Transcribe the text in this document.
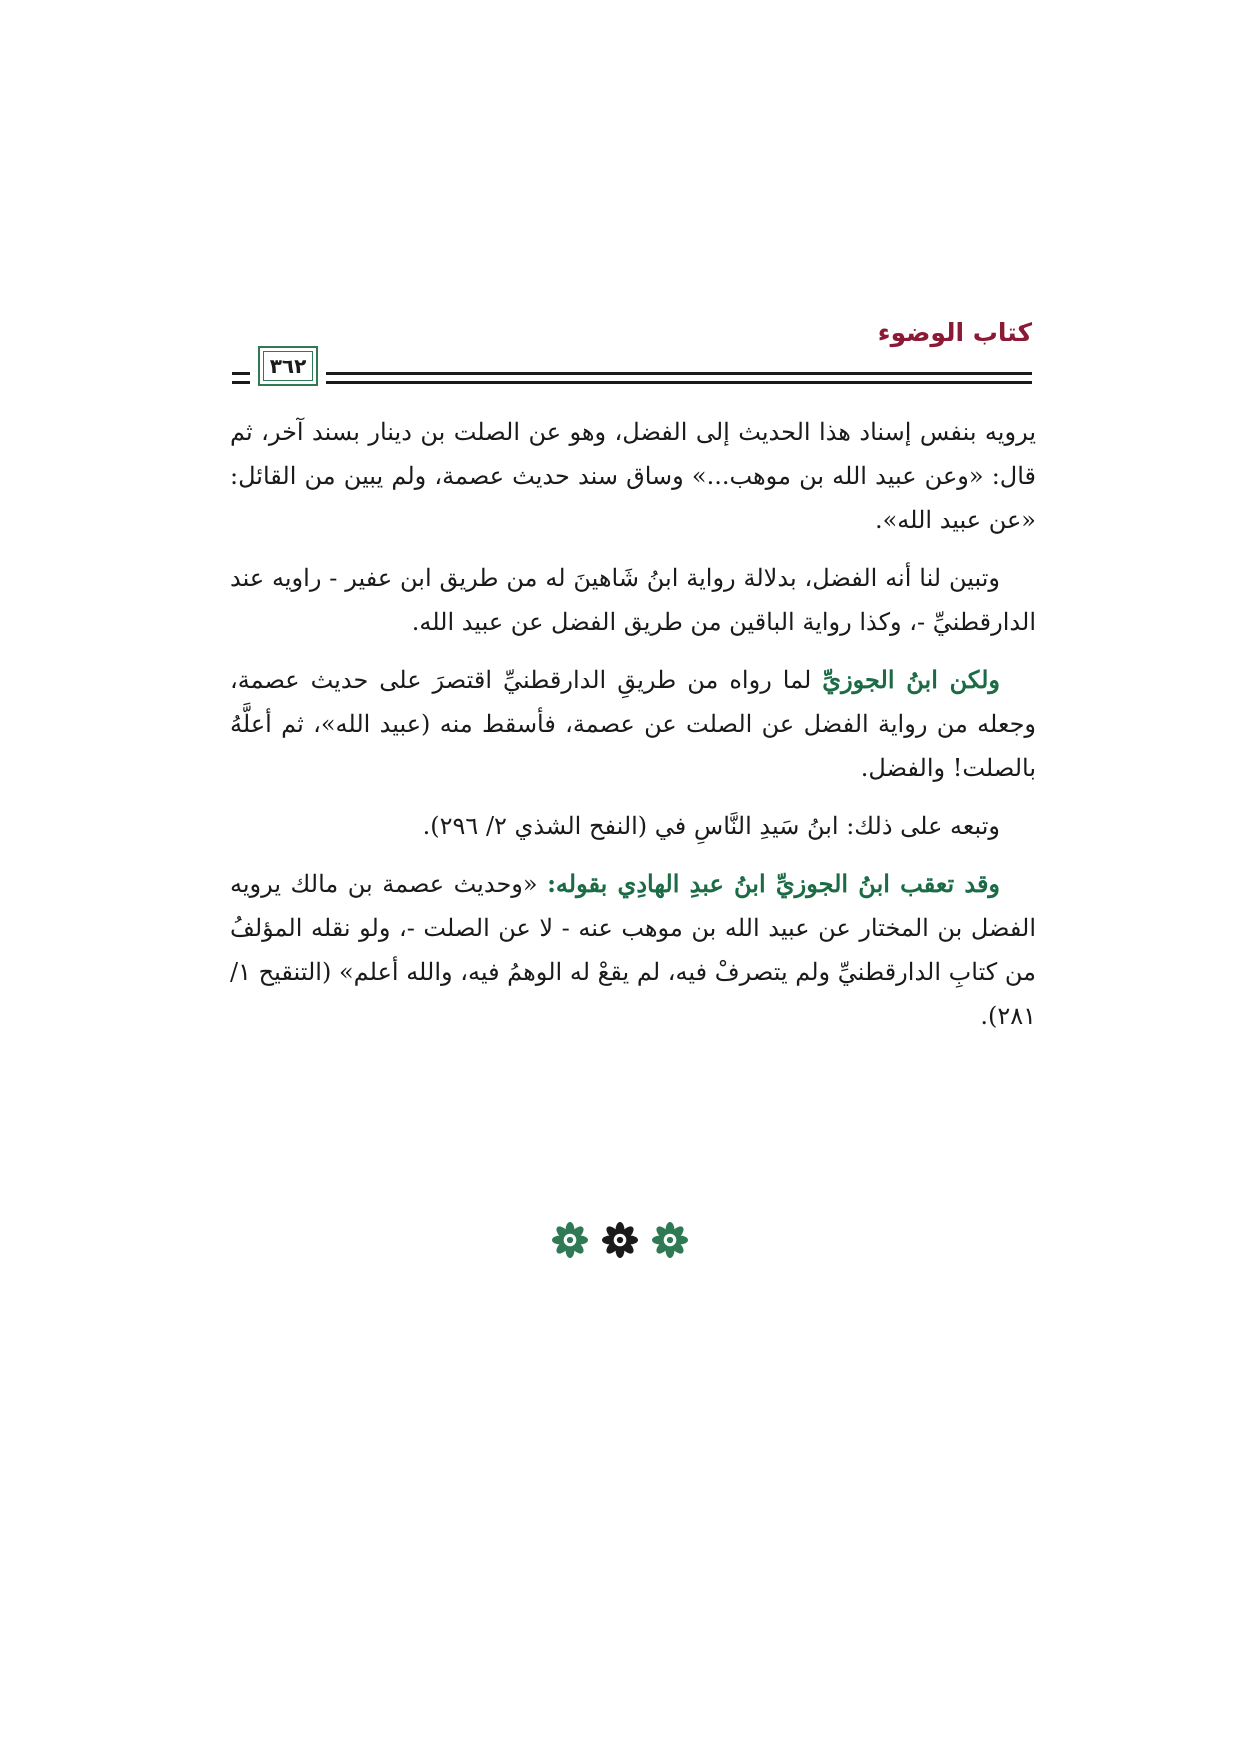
كتاب الوضوء
٣٦٢

يرويه بنفس إسناد هذا الحديث إلى الفضل، وهو عن الصلت بن دينار بسند آخر، ثم قال: «وعن عبيد الله بن موهب...» وساق سند حديث عصمة، ولم يبين من القائل: «عن عبيد الله».

وتبين لنا أنه الفضل، بدلالة رواية ابنُ شَاهينَ له من طريق ابن عفير - راويه عند الدارقطنيِّ -، وكذا رواية الباقين من طريق الفضل عن عبيد الله.

ولكن ابنُ الجوزيِّ لما رواه من طريقِ الدارقطنيِّ اقتصرَ على حديث عصمة، وجعله من رواية الفضل عن الصلت عن عصمة، فأسقط منه (عبيد الله»، ثم أعلَّهُ بالصلت! والفضل.

وتبعه على ذلك: ابنُ سَيدِ النَّاسِ في (النفح الشذي ٢/ ٢٩٦).

وقد تعقب ابنُ الجوزيِّ ابنُ عبدِ الهادِي بقوله: «وحديث عصمة بن مالك يرويه الفضل بن المختار عن عبيد الله بن موهب عنه - لا عن الصلت -، ولو نقله المؤلفُ من كتابِ الدارقطنيِّ ولم يتصرفْ فيه، لم يقعْ له الوهمُ فيه، والله أعلم» (التنقيح ١/ ٢٨١).
